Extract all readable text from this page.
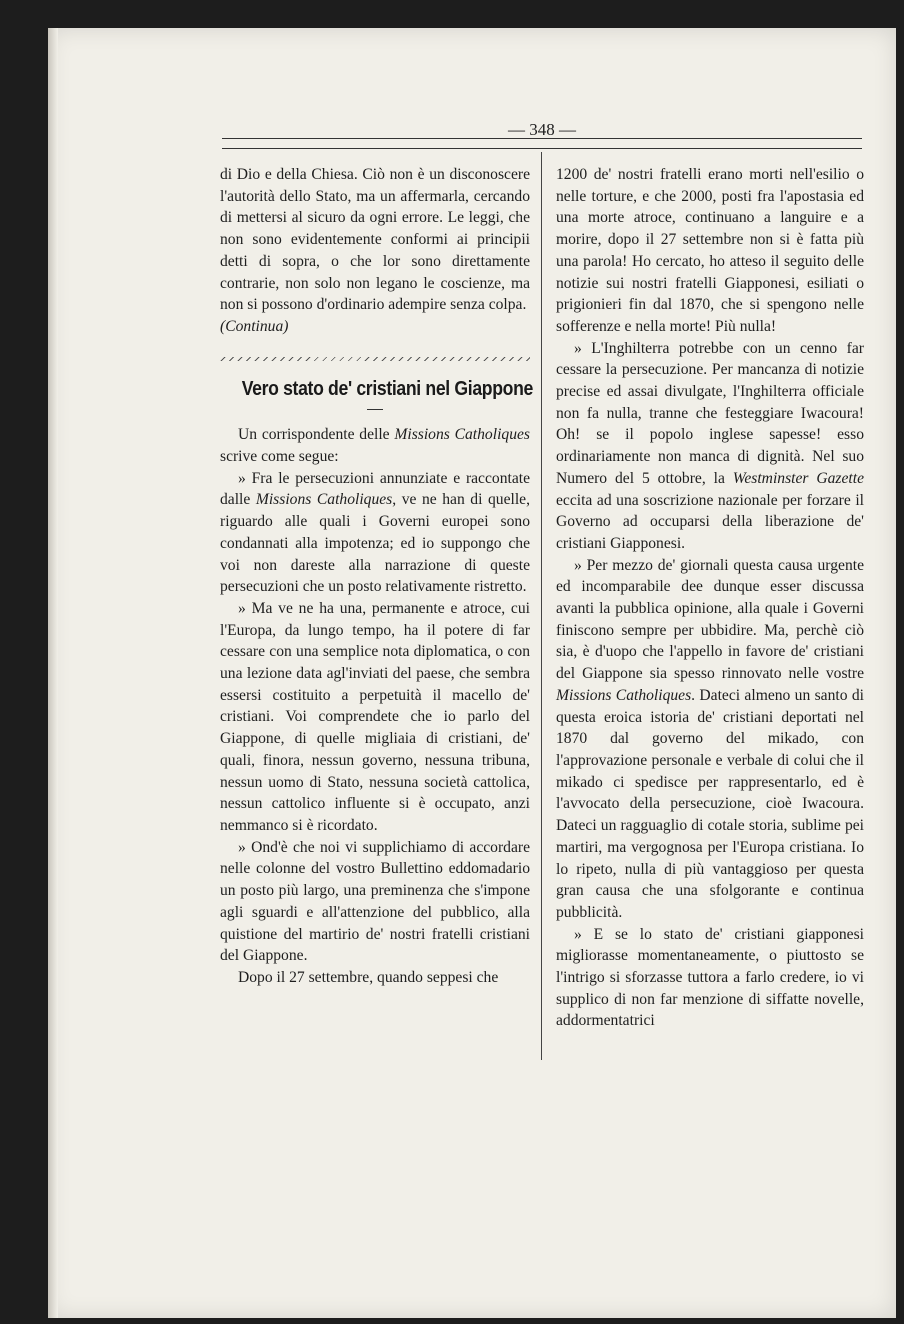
— 348 —

di Dio e della Chiesa. Ciò non è un disconoscere l'autorità dello Stato, ma un affermarla, cercando di mettersi al sicuro da ogni errore. Le leggi, che non sono evidentemente conformi ai principii detti di sopra, o che lor sono direttamente contrarie, non solo non legano le coscienze, ma non si possono d'ordinario adempire senza colpa.

(Continua)

Vero stato de' cristiani nel Giappone

Un corrispondente delle Missions Catholiques scrive come segue:

» Fra le persecuzioni annunziate e raccontate dalle Missions Catholiques, ve ne han di quelle, riguardo alle quali i Governi europei sono condannati alla impotenza; ed io suppongo che voi non dareste alla narrazione di queste persecuzioni che un posto relativamente ristretto.

» Ma ve ne ha una, permanente e atroce, cui l'Europa, da lungo tempo, ha il potere di far cessare con una semplice nota diplomatica, o con una lezione data agl'inviati del paese, che sembra essersi costituito a perpetuità il macello de' cristiani. Voi comprendete che io parlo del Giappone, di quelle migliaia di cristiani, de' quali, finora, nessun governo, nessuna tribuna, nessun uomo di Stato, nessuna società cattolica, nessun cattolico influente si è occupato, anzi nemmanco si è ricordato.

» Ond'è che noi vi supplichiamo di accordare nelle colonne del vostro Bullettino eddomadario un posto più largo, una preminenza che s'impone agli sguardi e all'attenzione del pubblico, alla quistione del martirio de' nostri fratelli cristiani del Giappone.

Dopo il 27 settembre, quando seppesi che

1200 de' nostri fratelli erano morti nell'esilio o nelle torture, e che 2000, posti fra l'apostasia ed una morte atroce, continuano a languire e a morire, dopo il 27 settembre non si è fatta più una parola! Ho cercato, ho atteso il seguito delle notizie sui nostri fratelli Giapponesi, esiliati o prigionieri fin dal 1870, che si spengono nelle sofferenze e nella morte! Più nulla!

» L'Inghilterra potrebbe con un cenno far cessare la persecuzione. Per mancanza di notizie precise ed assai divulgate, l'Inghilterra officiale non fa nulla, tranne che festeggiare Iwacoura! Oh! se il popolo inglese sapesse! esso ordinariamente non manca di dignità. Nel suo Numero del 5 ottobre, la Westminster Gazette eccita ad una soscrizione nazionale per forzare il Governo ad occuparsi della liberazione de' cristiani Giapponesi.

» Per mezzo de' giornali questa causa urgente ed incomparabile dee dunque esser discussa avanti la pubblica opinione, alla quale i Governi finiscono sempre per ubbidire. Ma, perchè ciò sia, è d'uopo che l'appello in favore de' cristiani del Giappone sia spesso rinnovato nelle vostre Missions Catholiques. Dateci almeno un santo di questa eroica istoria de' cristiani deportati nel 1870 dal governo del mikado, con l'approvazione personale e verbale di colui che il mikado ci spedisce per rappresentarlo, ed è l'avvocato della persecuzione, cioè Iwacoura. Dateci un ragguaglio di cotale storia, sublime pei martiri, ma vergognosa per l'Europa cristiana. Io lo ripeto, nulla di più vantaggioso per questa gran causa che una sfolgorante e continua pubblicità.

» E se lo stato de' cristiani giapponesi migliorasse momentaneamente, o piuttosto se l'intrigo si sforzasse tuttora a farlo credere, io vi supplico di non far menzione di siffatte novelle, addormentatrici
